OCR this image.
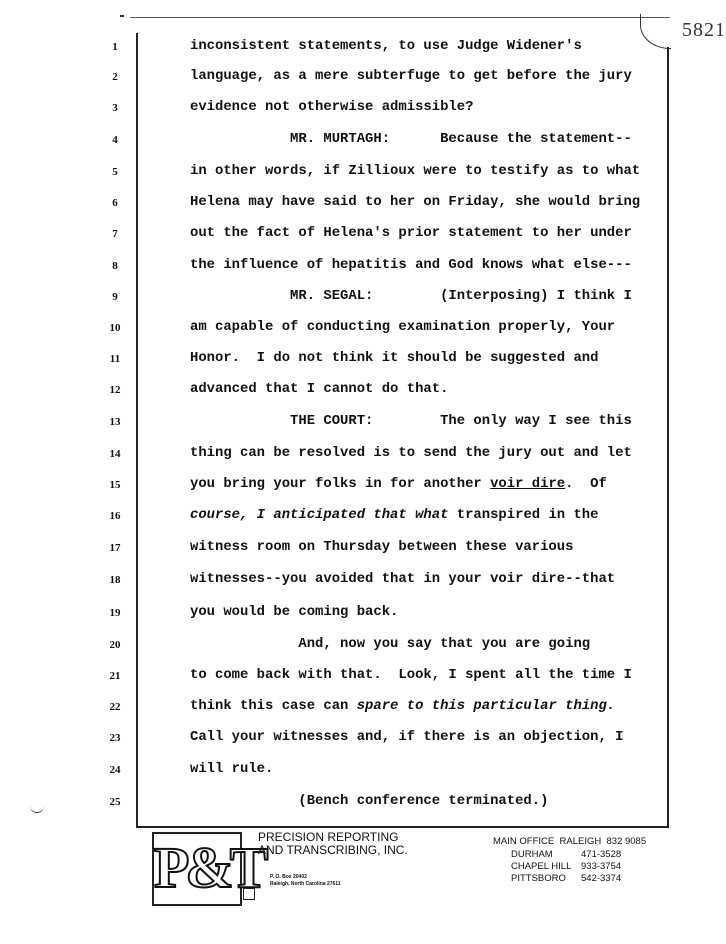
5821
1	inconsistent statements, to use Judge Widener's
2	language, as a mere subterfuge to get before the jury
3	evidence not otherwise admissible?
4	MR. MURTAGH:      Because the statement--
5	in other words, if Zillioux were to testify as to what
6	Helena may have said to her on Friday, she would bring
7	out the fact of Helena's prior statement to her under
8	the influence of hepatitis and God knows what else---
9	MR. SEGAL:        (Interposing) I think I
10	am capable of conducting examination properly, Your
11	Honor.  I do not think it should be suggested and
12	advanced that I cannot do that.
13	THE COURT:        The only way I see this
14	thing can be resolved is to send the jury out and let
15	you bring your folks in for another voir dire.  Of
16	course, I anticipated that what transpired in the
17	witness room on Thursday between these various
18	witnesses--you avoided that in your voir dire--that
19	you would be coming back.
20	And, now you say that you are going
21	to come back with that.  Look, I spent all the time I
22	think this case can spare to this particular thing.
23	Call your witnesses and, if there is an objection, I
24	will rule.
25	(Bench conference terminated.)
P&T
PRECISION REPORTING
AND TRANSCRIBING, INC.
P. O. Box 20402
Raleigh, North Carolina 27611
MAIN OFFICE  RALEIGH 832 9085
DURHAM	471-3528
CHAPEL HILL 933-3754
PITTSBORO 542-3374
